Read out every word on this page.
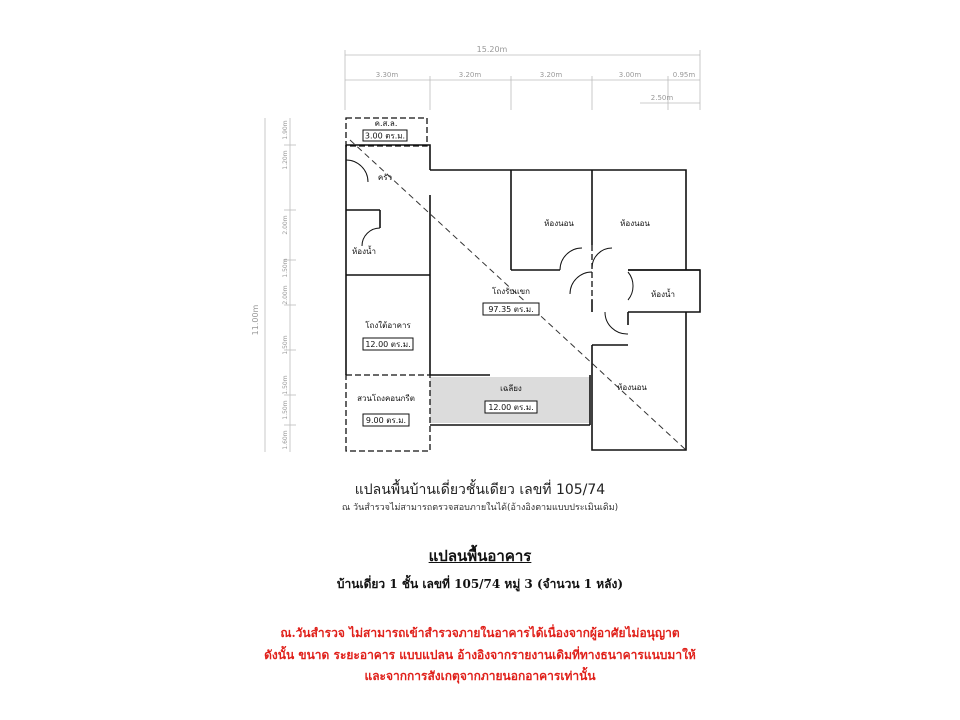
15.20m
3.30m	3.20m	3.20m	3.00m	0.95m
2.50m
11.00m
1.90m
1.20m
2.00m
1.50m
2.00m
1.50m
1.50m
1.50m
1.60m
ค.ส.ล.
3.00 ตร.ม.
ครัว
ห้องน้ำ
ห้องนอน	ห้องนอน
ห้องน้ำ
โถงรับแขก
97.35 ตร.ม.
โถงใต้อาคาร
12.00 ตร.ม.
เฉลียง
12.00 ตร.ม.
ห้องนอน
สวนโถงคอนกรีต
9.00 ตร.ม.
แปลนพื้นบ้านเดี่ยวชั้นเดียว เลขที่ 105/74
ณ วันสำรวจไม่สามารถตรวจสอบภายในได้(อ้างอิงตามแบบประเมินเดิม)
แปลนพื้นอาคาร
บ้านเดี่ยว 1 ชั้น เลขที่ 105/74 หมู่ 3 (จำนวน 1 หลัง)
ณ.วันสำรวจ ไม่สามารถเข้าสำรวจภายในอาคารได้เนื่องจากผู้อาศัยไม่อนุญาต
ดังนั้น ขนาด ระยะอาคาร แบบแปลน อ้างอิงจากรายงานเดิมที่ทางธนาคารแนบมาให้
และจากการสังเกตุจากภายนอกอาคารเท่านั้น
